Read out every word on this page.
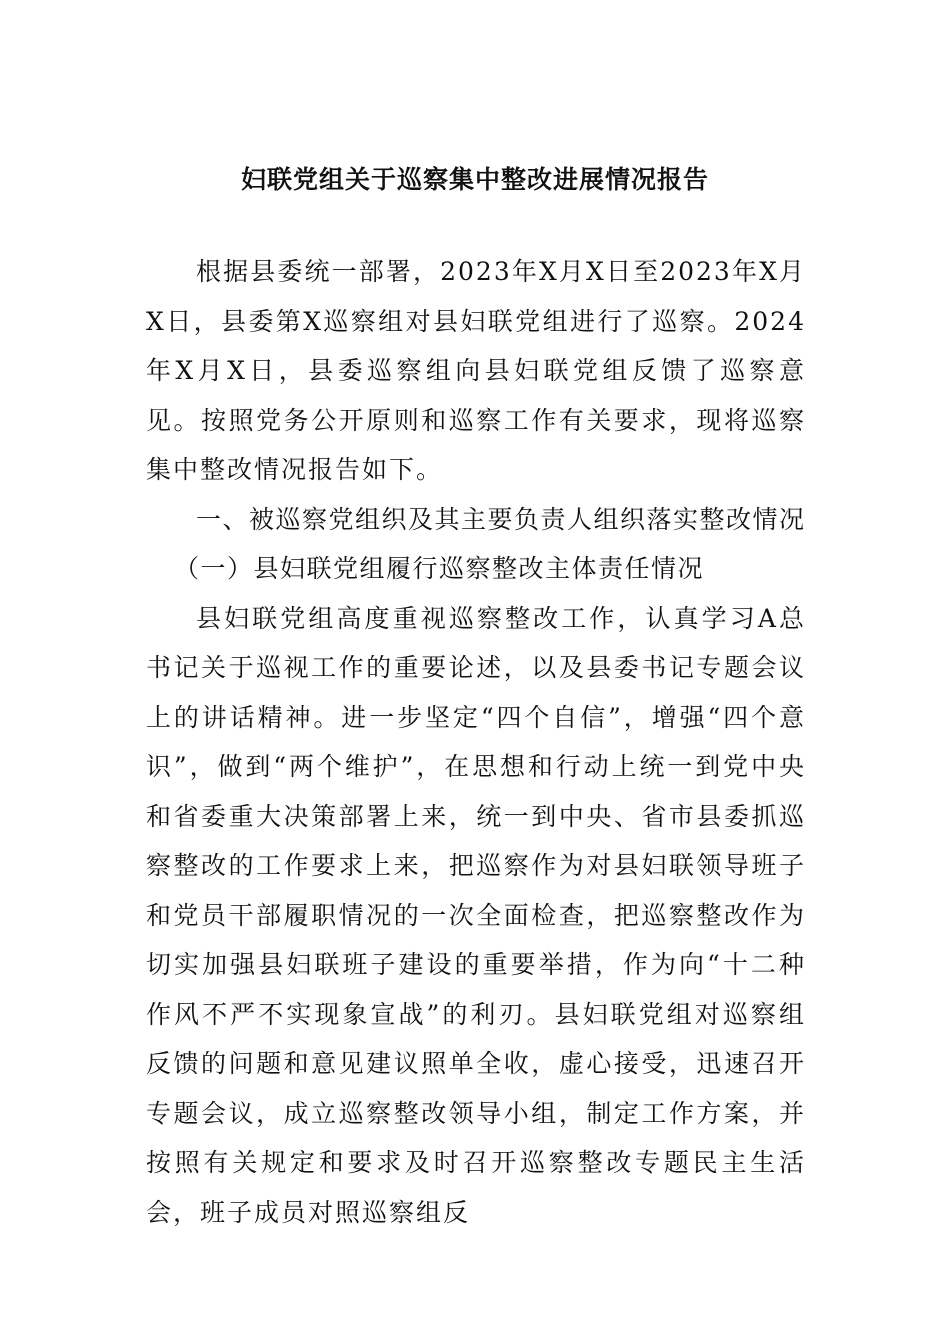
妇联党组关于巡察集中整改进展情况报告

根据县委统一部署，2023年X月X日至2023年X月X日，县委第X巡察组对县妇联党组进行了巡察。2024年X月X日，县委巡察组向县妇联党组反馈了巡察意见。按照党务公开原则和巡察工作有关要求，现将巡察集中整改情况报告如下。

一、被巡察党组织及其主要负责人组织落实整改情况

（一）县妇联党组履行巡察整改主体责任情况

县妇联党组高度重视巡察整改工作，认真学习A总书记关于巡视工作的重要论述，以及县委书记专题会议上的讲话精神。进一步坚定“四个自信”，增强“四个意识”，做到“两个维护”，在思想和行动上统一到党中央和省委重大决策部署上来，统一到中央、省市县委抓巡察整改的工作要求上来，把巡察作为对县妇联领导班子和党员干部履职情况的一次全面检查，把巡察整改作为切实加强县妇联班子建设的重要举措，作为向“十二种作风不严不实现象宣战”的利刃。县妇联党组对巡察组反馈的问题和意见建议照单全收，虚心接受，迅速召开专题会议，成立巡察整改领导小组，制定工作方案，并按照有关规定和要求及时召开巡察整改专题民主生活会，班子成员对照巡察组反
